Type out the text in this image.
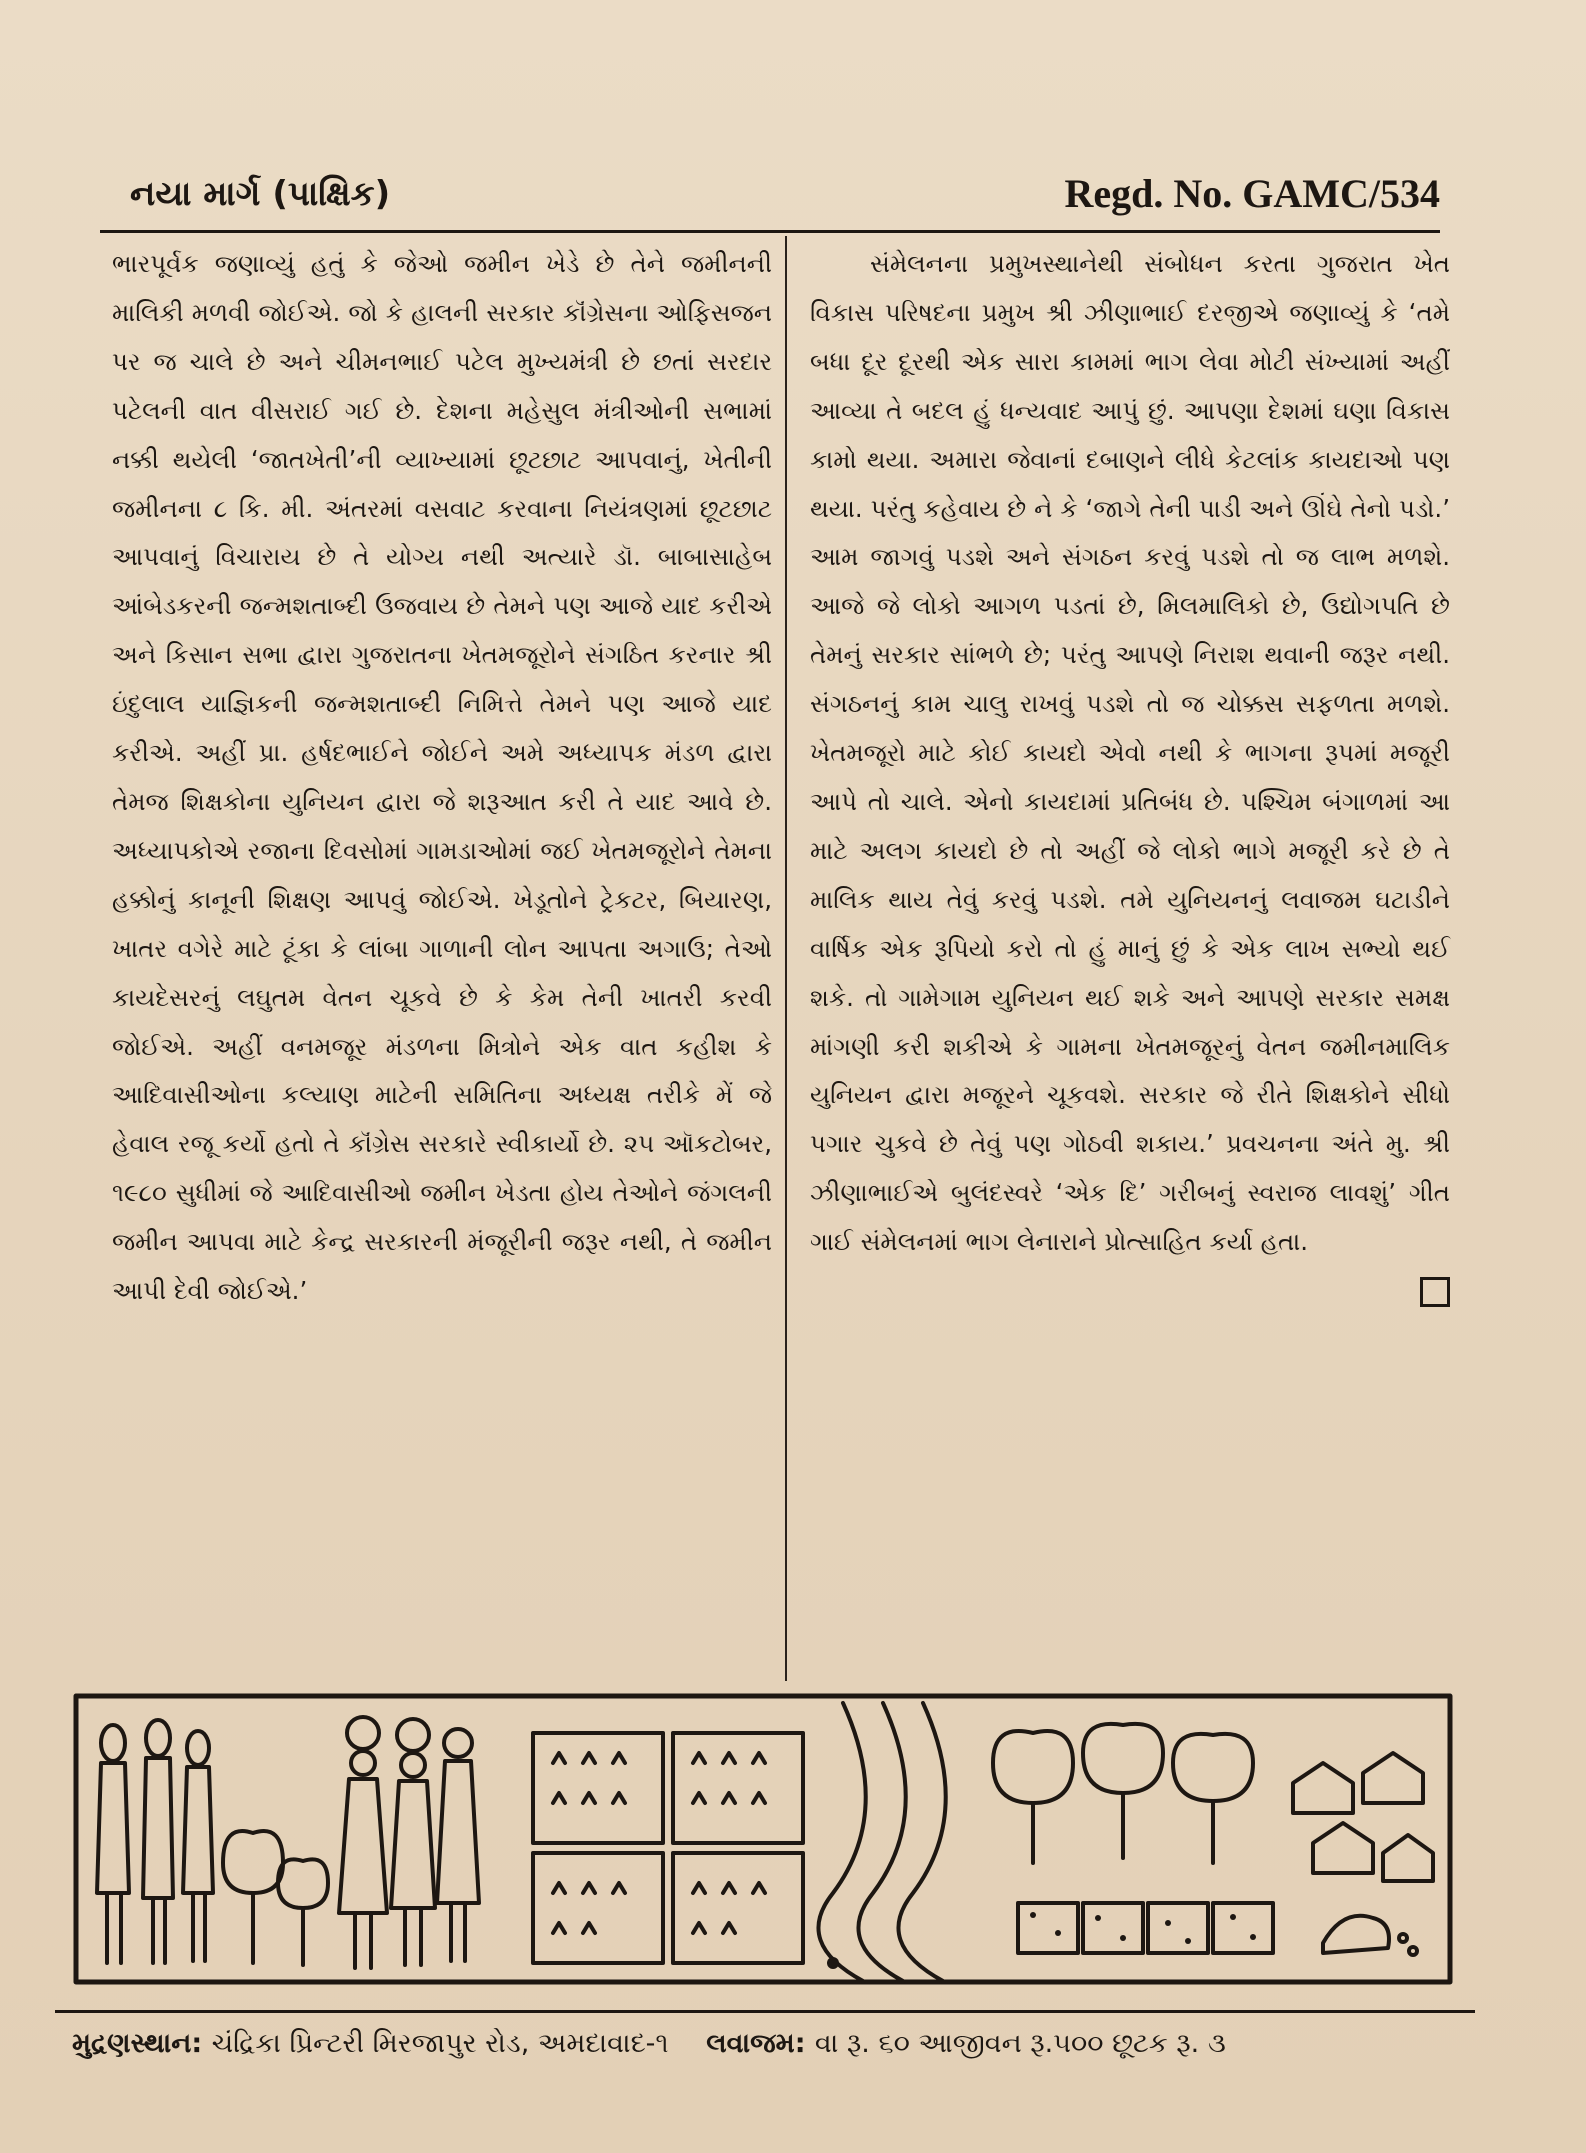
નયા માર્ગ (પાક્ષિક)	Regd. No. GAMC/534

ભારપૂર્વક જણાવ્યું હતું કે જેઓ જમીન ખેડે છે તેને જમીનની માલિકી મળવી જોઈએ. જો કે હાલની સરકાર કૉંગ્રેસના ઓફિસજન પર જ ચાલે છે અને ચીમનભાઈ પટેલ મુખ્યમંત્રી છે છતાં સરદાર પટેલની વાત વીસરાઈ ગઈ છે. દેશના મહેસુલ મંત્રીઓની સભામાં નક્કી થયેલી ‘જાતખેતી’ની વ્યાખ્યામાં છૂટછાટ આપવાનું, ખેતીની જમીનના ૮ કિ. મી. અંતરમાં વસવાટ કરવાના નિયંત્રણમાં છૂટછાટ આપવાનું વિચારાય છે તે યોગ્ય નથી અત્યારે ડૉ. બાબાસાહેબ આંબેડકરની જન્મશતાબ્દી ઉજવાય છે તેમને પણ આજે યાદ કરીએ અને કિસાન સભા દ્વારા ગુજરાતના ખેતમજૂરોને સંગઠિત કરનાર શ્રી ઇંદુલાલ યાજ્ઞિકની જન્મશતાબ્દી નિમિત્તે તેમને પણ આજે યાદ કરીએ. અહીં પ્રા. હર્ષદભાઈને જોઈને અમે અધ્યાપક મંડળ દ્વારા તેમજ શિક્ષકોના યુનિયન દ્વારા જે શરૂઆત કરી તે યાદ આવે છે. અધ્યાપકોએ રજાના દિવસોમાં ગામડાઓમાં જઈ ખેતમજૂરોને તેમના હક્કોનું કાનૂની શિક્ષણ આપવું જોઈએ. ખેડૂતોને ટ્રેકટર, બિયારણ, ખાતર વગેરે માટે ટૂંકા કે લાંબા ગાળાની લોન આપતા અગાઉ; તેઓ કાયદેસરનું લઘુતમ વેતન ચૂકવે છે કે કેમ તેની ખાતરી કરવી જોઈએ. અહીં વનમજૂર મંડળના મિત્રોને એક વાત કહીશ કે આદિવાસીઓના કલ્યાણ માટેની સમિતિના અધ્યક્ષ તરીકે મેં જે હેવાલ રજૂ કર્યો હતો તે કૉંગ્રેસ સરકારે સ્વીકાર્યો છે. ૨૫ ઑકટોબર, ૧૯૮૦ સુધીમાં જે આદિવાસીઓ જમીન ખેડતા હોય તેઓને જંગલની જમીન આપવા માટે કેન્દ્ર સરકારની મંજૂરીની જરૂર નથી, તે જમીન આપી દેવી જોઈએ.’

સંમેલનના પ્રમુખસ્થાનેથી સંબોધન કરતા ગુજરાત ખેત વિકાસ પરિષદના પ્રમુખ શ્રી ઝીણાભાઈ દરજીએ જણાવ્યું કે ‘તમે બધા દૂર દૂરથી એક સારા કામમાં ભાગ લેવા મોટી સંખ્યામાં અહીં આવ્યા તે બદલ હું ધન્યવાદ આપું છું. આપણા દેશમાં ઘણા વિકાસ કામો થયા. અમારા જેવાનાં દબાણને લીધે કેટલાંક કાયદાઓ પણ થયા. પરંતુ કહેવાય છે ને કે ‘જાગે તેની પાડી અને ઊંઘે તેનો પડો.’ આમ જાગવું પડશે અને સંગઠન કરવું પડશે તો જ લાભ મળશે. આજે જે લોકો આગળ પડતાં છે, મિલમાલિકો છે, ઉદ્યોગપતિ છે તેમનું સરકાર સાંભળે છે; પરંતુ આપણે નિરાશ થવાની જરૂર નથી. સંગઠનનું કામ ચાલુ રાખવું પડશે તો જ ચોક્કસ સફળતા મળશે. ખેતમજૂરો માટે કોઈ કાયદો એવો નથી કે ભાગના રૂપમાં મજૂરી આપે તો ચાલે. એનો કાયદામાં પ્રતિબંધ છે. પશ્ચિમ બંગાળમાં આ માટે અલગ કાયદો છે તો અહીં જે લોકો ભાગે મજૂરી કરે છે તે માલિક થાય તેવું કરવું પડશે. તમે યુનિયનનું લવાજમ ઘટાડીને વાર્ષિક એક રૂપિયો કરો તો હું માનું છું કે એક લાખ સભ્યો થઈ શકે. તો ગામેગામ યુનિયન થઈ શકે અને આપણે સરકાર સમક્ષ માંગણી કરી શકીએ કે ગામના ખેતમજૂરનું વેતન જમીનમાલિક યુનિયન દ્વારા મજૂરને ચૂકવશે. સરકાર જે રીતે શિક્ષકોને સીધો પગાર ચુકવે છે તેવું પણ ગોઠવી શકાય.’ પ્રવચનના અંતે મુ. શ્રી ઝીણાભાઈએ બુલંદસ્વરે ‘એક દિ’ ગરીબનું સ્વરાજ લાવશું’ ગીત ગાઈ સંમેલનમાં ભાગ લેનારાને પ્રોત્સાહિત કર્યા હતા.

મુદ્રણસ્થાન: ચંદ્રિકા પ્રિન્ટરી મિરજાપુર રોડ, અમદાવાદ-૧ લવાજમ: વા રૂ. ૬૦ આજીવન રૂ.૫૦૦ છૂટક રૂ. ૩
